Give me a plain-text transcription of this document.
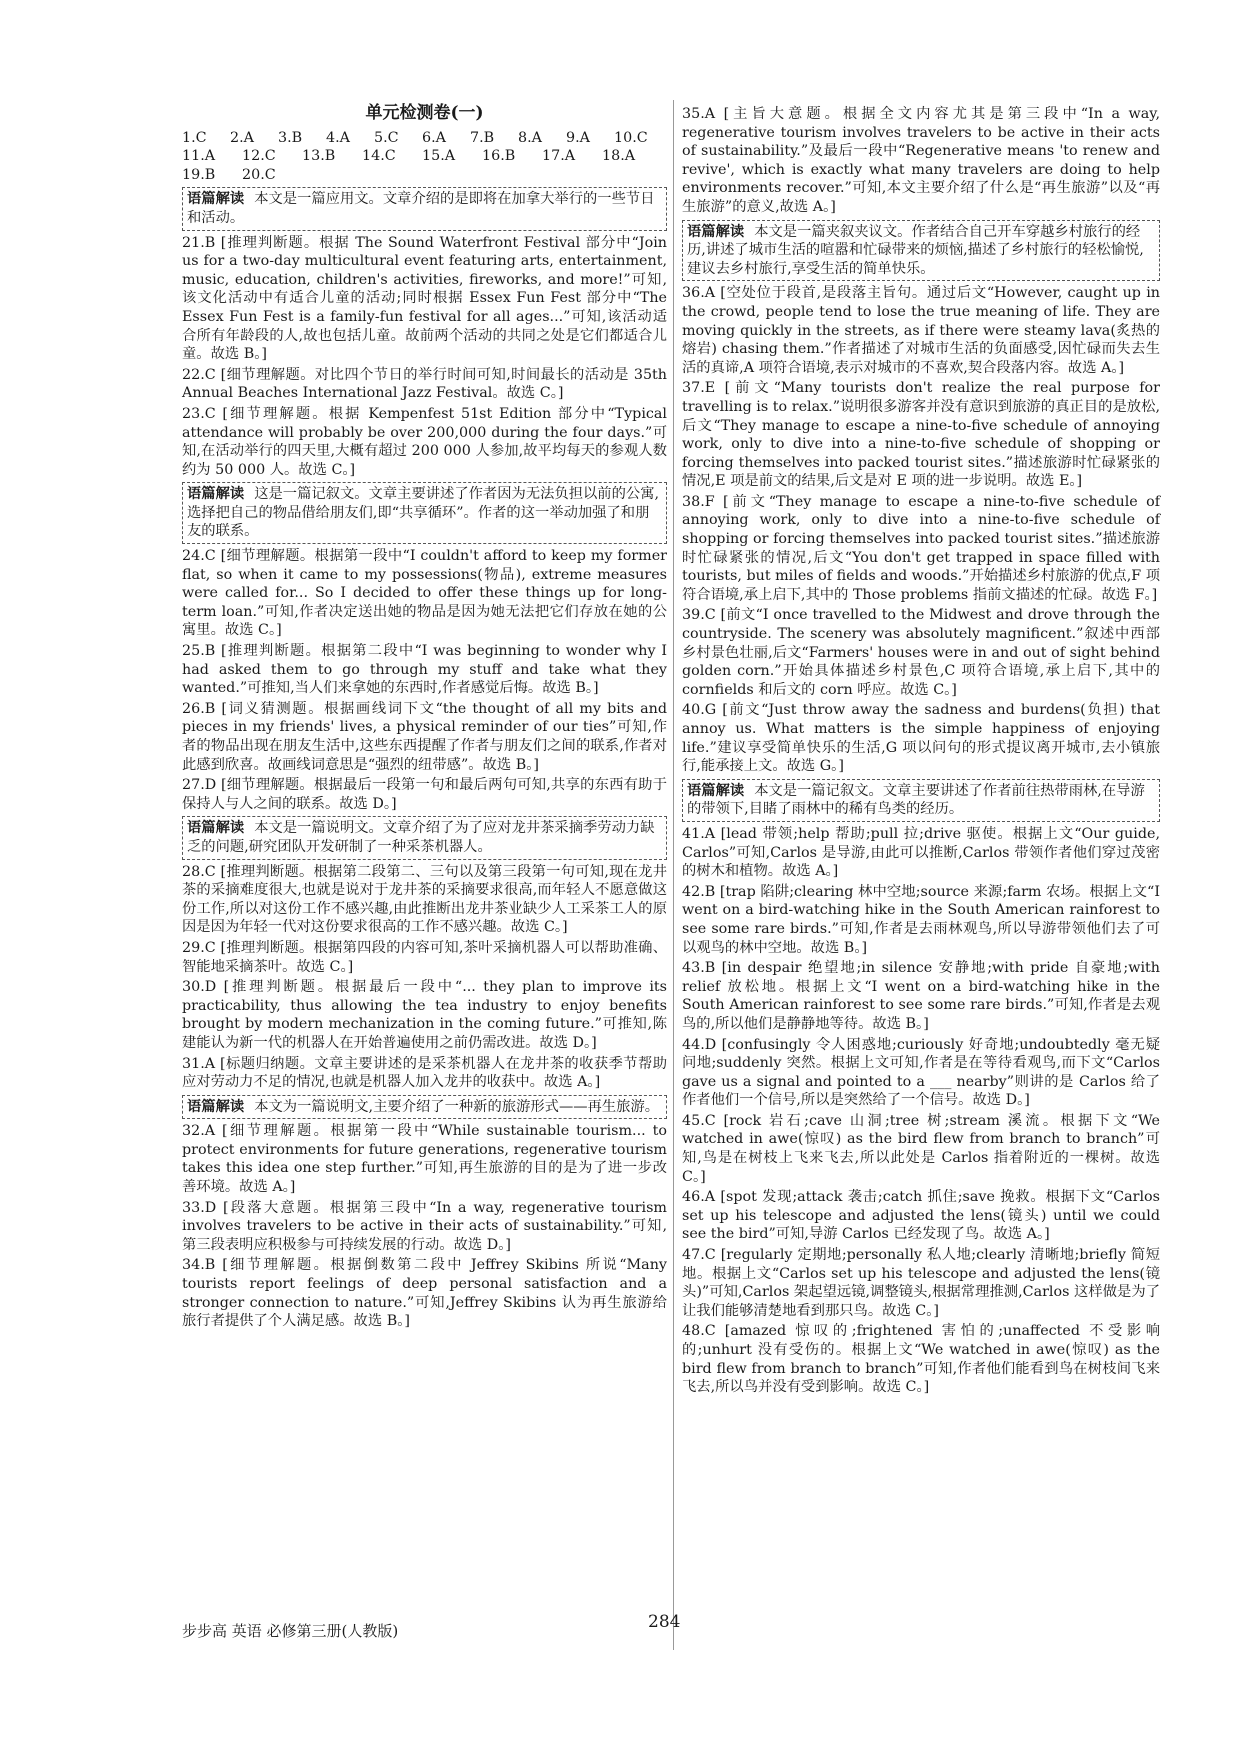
单元检测卷(一)
1.C 2.A 3.B 4.A 5.C 6.A 7.B 8.A 9.A 10.C
11.A 12.C 13.B 14.C 15.A 16.B 17.A 18.A
19.B 20.C
语篇解读 本文是一篇应用文。文章介绍的是即将在加拿大举行的一些节日和活动。
21.B [推理判断题。根据 The Sound Waterfront Festival 部分中“Join us for a two-day multicultural event featuring arts, entertainment, music, education, children's activities, fireworks, and more!”可知,该文化活动中有适合儿童的活动;同时根据 Essex Fun Fest 部分中“The Essex Fun Fest is a family-fun festival for all ages...”可知,该活动适合所有年龄段的人,故也包括儿童。故前两个活动的共同之处是它们都适合儿童。故选 B。]
22.C [细节理解题。对比四个节日的举行时间可知,时间最长的活动是 35th Annual Beaches International Jazz Festival。故选 C。]
23.C [细节理解题。根据 Kempenfest 51st Edition 部分中“Typical attendance will probably be over 200,000 during the four days.”可知,在活动举行的四天里,大概有超过 200 000 人参加,故平均每天的参观人数约为 50 000 人。故选 C。]
语篇解读 这是一篇记叙文。文章主要讲述了作者因为无法负担以前的公寓,选择把自己的物品借给朋友们,即“共享循环”。作者的这一举动加强了和朋友的联系。
24.C [细节理解题。根据第一段中“I couldn't afford to keep my former flat, so when it came to my possessions(物品), extreme measures were called for... So I decided to offer these things up for long-term loan.”可知,作者决定送出她的物品是因为她无法把它们存放在她的公寓里。故选 C。]
25.B [推理判断题。根据第二段中“I was beginning to wonder why I had asked them to go through my stuff and take what they wanted.”可推知,当人们来拿她的东西时,作者感觉后悔。故选 B。]
26.B [词义猜测题。根据画线词下文“the thought of all my bits and pieces in my friends' lives, a physical reminder of our ties”可知,作者的物品出现在朋友生活中,这些东西提醒了作者与朋友们之间的联系,作者对此感到欣喜。故画线词意思是“强烈的纽带感”。故选 B。]
27.D [细节理解题。根据最后一段第一句和最后两句可知,共享的东西有助于保持人与人之间的联系。故选 D。]
语篇解读 本文是一篇说明文。文章介绍了为了应对龙井茶采摘季劳动力缺乏的问题,研究团队开发研制了一种采茶机器人。
28.C [推理判断题。根据第二段第二、三句以及第三段第一句可知,现在龙井茶的采摘难度很大,也就是说对于龙井茶的采摘要求很高,而年轻人不愿意做这份工作,所以对这份工作不感兴趣,由此推断出龙井茶业缺少人工采茶工人的原因是因为年轻一代对这份要求很高的工作不感兴趣。故选 C。]
29.C [推理判断题。根据第四段的内容可知,茶叶采摘机器人可以帮助准确、智能地采摘茶叶。故选 C。]
30.D [推理判断题。根据最后一段中“... they plan to improve its practicability, thus allowing the tea industry to enjoy benefits brought by modern mechanization in the coming future.”可推知,陈建能认为新一代的机器人在开始普遍使用之前仍需改进。故选 D。]
31.A [标题归纳题。文章主要讲述的是采茶机器人在龙井茶的收获季节帮助应对劳动力不足的情况,也就是机器人加入龙井的收获中。故选 A。]
语篇解读 本文为一篇说明文,主要介绍了一种新的旅游形式——再生旅游。
32.A [细节理解题。根据第一段中“While sustainable tourism... to protect environments for future generations, regenerative tourism takes this idea one step further.”可知,再生旅游的目的是为了进一步改善环境。故选 A。]
33.D [段落大意题。根据第三段中“In a way, regenerative tourism involves travelers to be active in their acts of sustainability.”可知,第三段表明应积极参与可持续发展的行动。故选 D。]
34.B [细节理解题。根据倒数第二段中 Jeffrey Skibins 所说“Many tourists report feelings of deep personal satisfaction and a stronger connection to nature.”可知,Jeffrey Skibins 认为再生旅游给旅行者提供了个人满足感。故选 B。]
35.A [主旨大意题。根据全文内容尤其是第三段中“In a way, regenerative tourism involves travelers to be active in their acts of sustainability.”及最后一段中“Regenerative means 'to renew and revive', which is exactly what many travelers are doing to help environments recover.”可知,本文主要介绍了什么是“再生旅游”以及“再生旅游”的意义,故选 A。]
语篇解读 本文是一篇夹叙夹议文。作者结合自己开车穿越乡村旅行的经历,讲述了城市生活的喧嚣和忙碌带来的烦恼,描述了乡村旅行的轻松愉悦,建议去乡村旅行,享受生活的简单快乐。
36.A [空处位于段首,是段落主旨句。通过后文“However, caught up in the crowd, people tend to lose the true meaning of life. They are moving quickly in the streets, as if there were steamy lava(炙热的熔岩) chasing them.”作者描述了对城市生活的负面感受,因忙碌而失去生活的真谛,A 项符合语境,表示对城市的不喜欢,契合段落内容。故选 A。]
37.E [前文“Many tourists don't realize the real purpose for travelling is to relax.”说明很多游客并没有意识到旅游的真正目的是放松,后文“They manage to escape a nine-to-five schedule of annoying work, only to dive into a nine-to-five schedule of shopping or forcing themselves into packed tourist sites.”描述旅游时忙碌紧张的情况,E 项是前文的结果,后文是对 E 项的进一步说明。故选 E。]
38.F [前文“They manage to escape a nine-to-five schedule of annoying work, only to dive into a nine-to-five schedule of shopping or forcing themselves into packed tourist sites.”描述旅游时忙碌紧张的情况,后文“You don't get trapped in space filled with tourists, but miles of fields and woods.”开始描述乡村旅游的优点,F 项符合语境,承上启下,其中的 Those problems 指前文描述的忙碌。故选 F。]
39.C [前文“I once travelled to the Midwest and drove through the countryside. The scenery was absolutely magnificent.”叙述中西部乡村景色壮丽,后文“Farmers' houses were in and out of sight behind golden corn.”开始具体描述乡村景色,C 项符合语境,承上启下,其中的 cornfields 和后文的 corn 呼应。故选 C。]
40.G [前文“Just throw away the sadness and burdens(负担) that annoy us. What matters is the simple happiness of enjoying life.”建议享受简单快乐的生活,G 项以问句的形式提议离开城市,去小镇旅行,能承接上文。故选 G。]
语篇解读 本文是一篇记叙文。文章主要讲述了作者前往热带雨林,在导游的带领下,目睹了雨林中的稀有鸟类的经历。
41.A [lead 带领;help 帮助;pull 拉;drive 驱使。根据上文“Our guide, Carlos”可知,Carlos 是导游,由此可以推断,Carlos 带领作者他们穿过茂密的树木和植物。故选 A。]
42.B [trap 陷阱;clearing 林中空地;source 来源;farm 农场。根据上文“I went on a bird-watching hike in the South American rainforest to see some rare birds.”可知,作者是去雨林观鸟,所以导游带领他们去了可以观鸟的林中空地。故选 B。]
43.B [in despair 绝望地;in silence 安静地;with pride 自豪地;with relief 放松地。根据上文“I went on a bird-watching hike in the South American rainforest to see some rare birds.”可知,作者是去观鸟的,所以他们是静静地等待。故选 B。]
44.D [confusingly 令人困惑地;curiously 好奇地;undoubtedly 毫无疑问地;suddenly 突然。根据上文可知,作者是在等待看观鸟,而下文“Carlos gave us a signal and pointed to a ___ nearby”则讲的是 Carlos 给了作者他们一个信号,所以是突然给了一个信号。故选 D。]
45.C [rock 岩石;cave 山洞;tree 树;stream 溪流。根据下文“We watched in awe(惊叹) as the bird flew from branch to branch”可知,鸟是在树枝上飞来飞去,所以此处是 Carlos 指着附近的一棵树。故选 C。]
46.A [spot 发现;attack 袭击;catch 抓住;save 挽救。根据下文“Carlos set up his telescope and adjusted the lens(镜头) until we could see the bird”可知,导游 Carlos 已经发现了鸟。故选 A。]
47.C [regularly 定期地;personally 私人地;clearly 清晰地;briefly 简短地。根据上文“Carlos set up his telescope and adjusted the lens(镜头)”可知,Carlos 架起望远镜,调整镜头,根据常理推测,Carlos 这样做是为了让我们能够清楚地看到那只鸟。故选 C。]
48.C [amazed 惊叹的;frightened 害怕的;unaffected 不受影响的;unhurt 没有受伤的。根据上文“We watched in awe(惊叹) as the bird flew from branch to branch”可知,作者他们能看到鸟在树枝间飞来飞去,所以鸟并没有受到影响。故选 C。]
步步高 英语 必修第三册(人教版)	284
